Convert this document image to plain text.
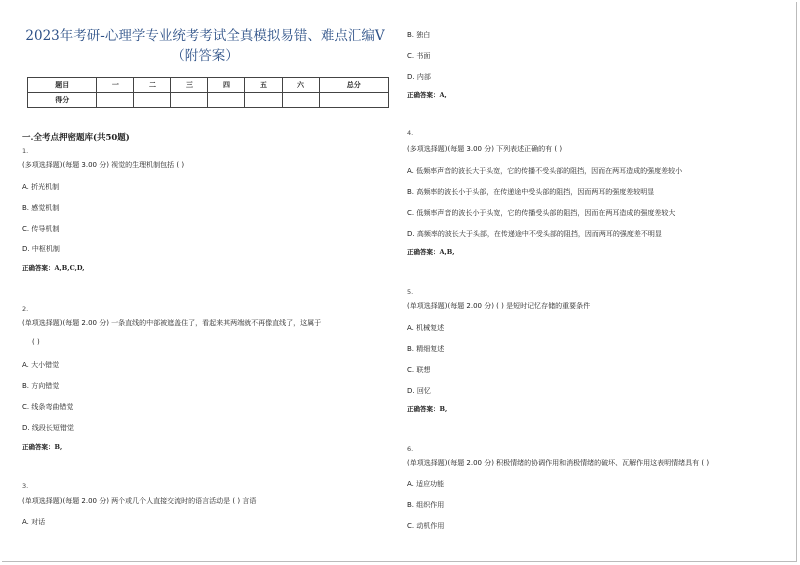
2023年考研-心理学专业统考考试全真模拟易错、难点汇编V（附答案）
题目	一	二	三	四	五	六	总分
得分							
一.全考点押密题库(共50题)
1.
(多项选择题)(每题 3.00 分) 视觉的生理机制包括 ( )
A. 折光机制
B. 感觉机制
C. 传导机制
D. 中枢机制
正确答案：A,B,C,D,
2.
(单项选择题)(每题 2.00 分) 一条直线的中部被遮盖住了，看起来其两端就不再像直线了，这属于
( )
A. 大小错觉
B. 方向错觉
C. 线条弯曲错觉
D. 线段长短错觉
正确答案：B,
3.
(单项选择题)(每题 2.00 分) 两个或几个人直接交流时的语言活动是 ( ) 言语
A. 对话
B. 独白
C. 书面
D. 内部
正确答案：A,
4.
(多项选择题)(每题 3.00 分) 下列表述正确的有 ( )
A. 低频率声音的波长大于头宽，它的传播不受头部的阻挡，因而在两耳造成的强度差较小
B. 高频率的波长小于头部，在传递途中受头部的阻挡，因而两耳的强度差较明显
C. 低频率声音的波长小于头宽，它的传播受头部的阻挡，因而在两耳造成的强度差较大
D. 高频率的波长大于头部，在传递途中不受头部的阻挡，因而两耳的强度差不明显
正确答案：A,B,
5.
(单项选择题)(每题 2.00 分) ( ) 是短时记忆存储的重要条件
A. 机械复述
B. 精细复述
C. 联想
D. 回忆
正确答案：B,
6.
(单项选择题)(每题 2.00 分) 积极情绪的协调作用和消极情绪的破坏、瓦解作用这表明情绪具有 ( )
A. 适应功能
B. 组织作用
C. 动机作用
